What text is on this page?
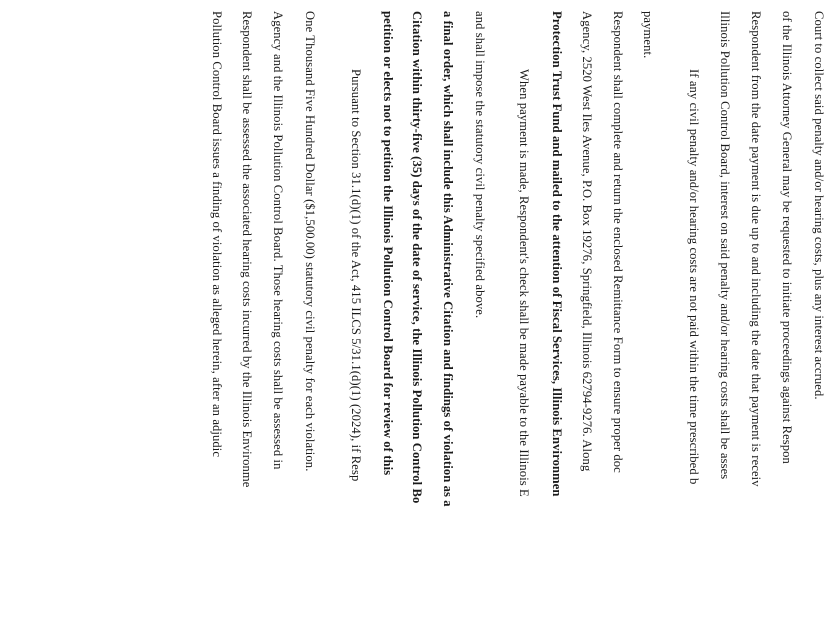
Pollution Control Board issues a finding of violation as alleged herein, after an adjudic Respondent shall be assessed the associated hearing costs incurred by the Illinois Environme Agency and the Illinois Pollution Control Board. Those hearing costs shall be assessed in One Thousand Five Hundred Dollar ($1,500.00) statutory civil penalty for each violation.	Pursuant to Section 31.1(d)(1) of the Act, 415 ILCS 5/31.1(d)(1) (2024), if Resp petition or elects not to petition the Illinois Pollution Control Board for review of this Citation within thirty-five (35) days of the date of service, the Illinois Pollution Control Bo a final order, which shall include this Administrative Citation and findings of violation as a and shall impose the statutory civil penalty specified above. When payment is made, Respondent's check shall be made payable to the Illinois E Protection Trust Fund and mailed to the attention of Fiscal Services, Illinois Environmen Agency, 2520 West Iles Avenue, P.O. Box 19276, Springfield, Illinois 62794-9276. Along Respondent shall complete and return the enclosed Remittance Form to ensure proper doc payment.
If any civil penalty and/or hearing costs are not paid within the time prescribed b Illinois Pollution Control Board, interest on said penalty and/or hearing costs shall be asses Respondent from the date payment is due up to and including the date that payment is receiv of the Illinois Attorney General may be requested to initiate proceedings against Respon Court to collect said penalty and/or hearing costs, plus any interest accrued.
